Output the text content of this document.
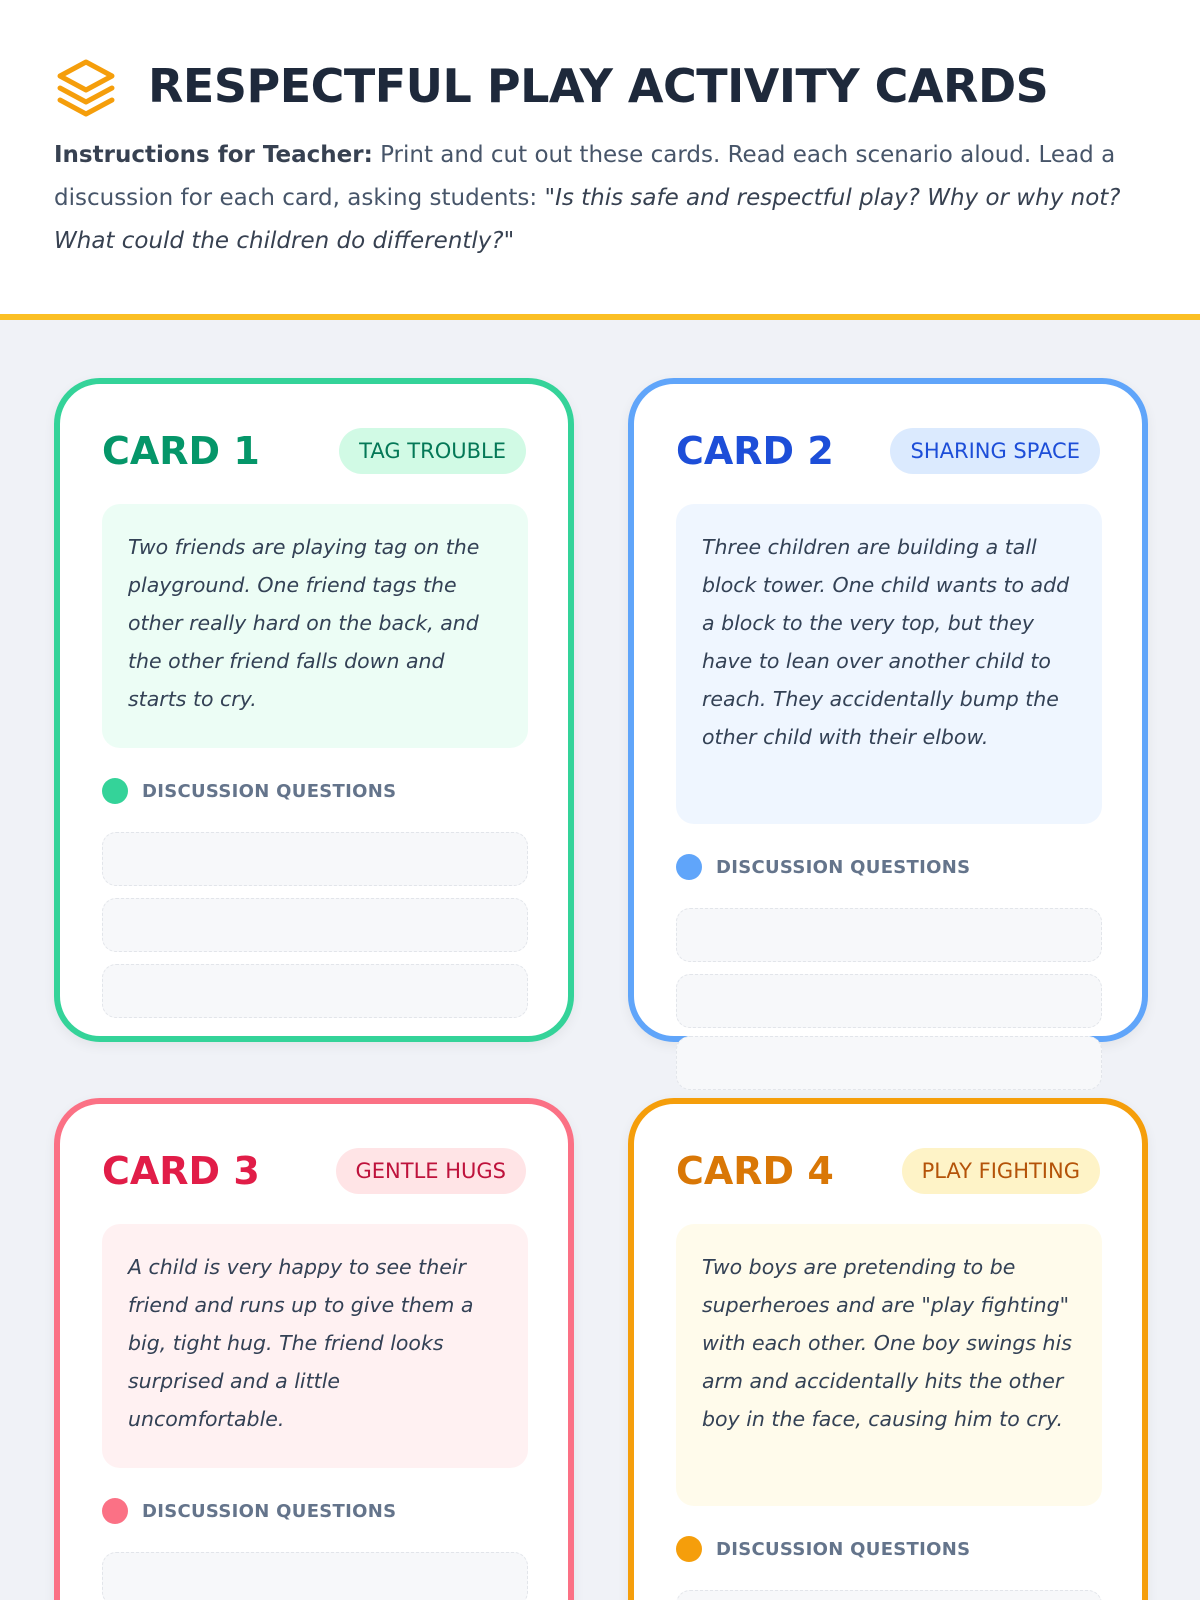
RESPECTFUL PLAY ACTIVITY CARDS
Instructions for Teacher: Print and cut out these cards. Read each scenario aloud. Lead a discussion for each card, asking students: "Is this safe and respectful play? Why or why not? What could the children do differently?"
CARD 1	TAG TROUBLE
Two friends are playing tag on the playground. One friend tags the other really hard on the back, and the other friend falls down and starts to cry.
DISCUSSION QUESTIONS
CARD 2	SHARING SPACE
Three children are building a tall block tower. One child wants to add a block to the very top, but they have to lean over another child to reach. They accidentally bump the other child with their elbow.
DISCUSSION QUESTIONS
CARD 3	GENTLE HUGS
A child is very happy to see their friend and runs up to give them a big, tight hug. The friend looks surprised and a little uncomfortable.
DISCUSSION QUESTIONS
CARD 4	PLAY FIGHTING
Two boys are pretending to be superheroes and are "play fighting" with each other. One boy swings his arm and accidentally hits the other boy in the face, causing him to cry.
DISCUSSION QUESTIONS
